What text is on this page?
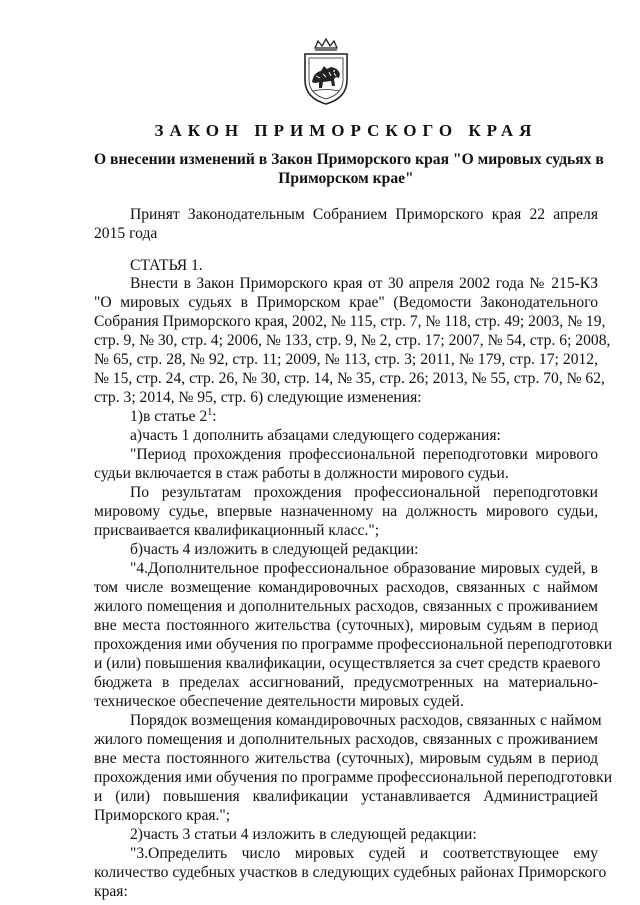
ЗАКОН ПРИМОРСКОГО КРАЯ
О внесении изменений в Закон Приморского края "О мировых судьях в
Приморском крае"
Принят Законодательным Собранием Приморского края 22 апреля
2015 года
СТАТЬЯ 1.
Внести в Закон Приморского края от 30 апреля 2002 года № 215-КЗ
"О мировых судьях в Приморском крае" (Ведомости Законодательного
Собрания Приморского края, 2002, № 115, стр. 7, № 118, стр. 49; 2003, № 19,
стр. 9, № 30, стр. 4; 2006, № 133, стр. 9, № 2, стр. 17; 2007, № 54, стр. 6; 2008,
№ 65, стр. 28, № 92, стр. 11; 2009, № 113, стр. 3; 2011, № 179, стр. 17; 2012,
№ 15, стр. 24, стр. 26, № 30, стр. 14, № 35, стр. 26; 2013, № 55, стр. 70, № 62,
стр. 3; 2014, № 95, стр. 6) следующие изменения:
1)в статье $2^1$:
а)часть 1 дополнить абзацами следующего содержания:
"Период прохождения профессиональной переподготовки мирового
судьи включается в стаж работы в должности мирового судьи.
По результатам прохождения профессиональной переподготовки
мировому судье, впервые назначенному на должность мирового судьи,
присваивается квалификационный класс.";
б)часть 4 изложить в следующей редакции:
"4.Дополнительное профессиональное образование мировых судей, в
том числе возмещение командировочных расходов, связанных с наймом
жилого помещения и дополнительных расходов, связанных с проживанием
вне места постоянного жительства (суточных), мировым судьям в период
прохождения ими обучения по программе профессиональной переподготовки
и (или) повышения квалификации, осуществляется за счет средств краевого
бюджета в пределах ассигнований, предусмотренных на материально-
техническое обеспечение деятельности мировых судей.
Порядок возмещения командировочных расходов, связанных с наймом
жилого помещения и дополнительных расходов, связанных с проживанием
вне места постоянного жительства (суточных), мировым судьям в период
прохождения ими обучения по программе профессиональной переподготовки
и (или) повышения квалификации устанавливается Администрацией
Приморского края.";
2)часть 3 статьи 4 изложить в следующей редакции:
"3.Определить число мировых судей и соответствующее ему
количество судебных участков в следующих судебных районах Приморского
края:
